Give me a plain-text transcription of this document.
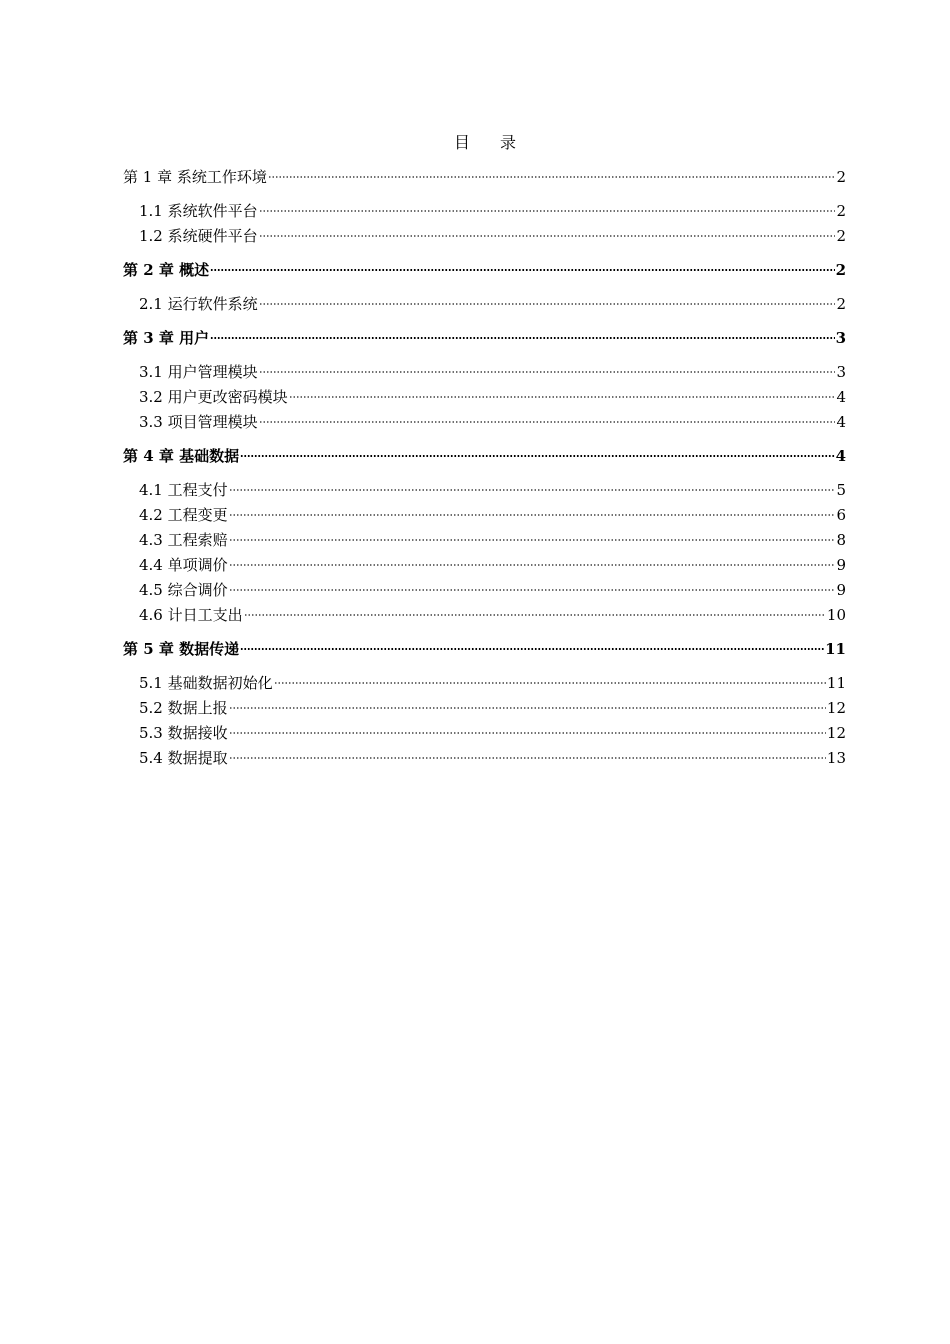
目 录
第 1 章 系统工作环境	2
1.1 系统软件平台	2
1.2 系统硬件平台	2
第 2 章 概述	2
2.1 运行软件系统	2
第 3 章 用户	3
3.1 用户管理模块	3
3.2 用户更改密码模块	4
3.3 项目管理模块	4
第 4 章 基础数据	4
4.1 工程支付	5
4.2 工程变更	6
4.3 工程索赔	8
4.4 单项调价	9
4.5 综合调价	9
4.6 计日工支出	10
第 5 章 数据传递	11
5.1 基础数据初始化	11
5.2 数据上报	12
5.3 数据接收	12
5.4 数据提取	13
